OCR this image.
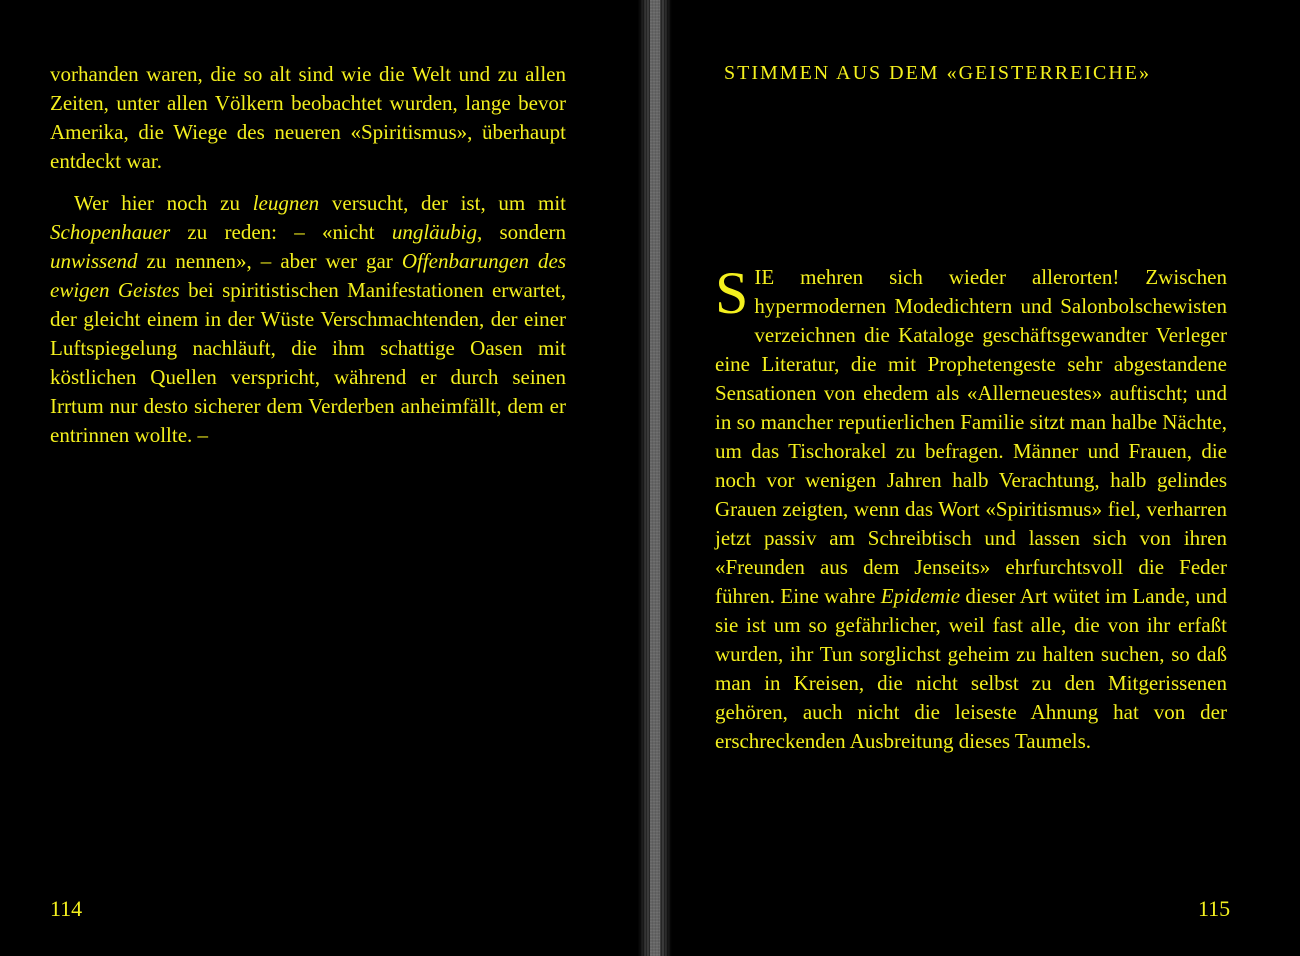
vorhanden waren, die so alt sind wie die Welt und zu allen Zeiten, unter allen Völkern beobachtet wurden, lange bevor Amerika, die Wiege des neueren «Spiritismus», überhaupt entdeckt war.

Wer hier noch zu leugnen versucht, der ist, um mit Schopenhauer zu reden: – «nicht ungläubig, sondern unwissend zu nennen», – aber wer gar Offenbarungen des ewigen Geistes bei spiritistischen Manifestationen erwartet, der gleicht einem in der Wüste Verschmachtenden, der einer Luftspiegelung nachläuft, die ihm schattige Oasen mit köstlichen Quellen verspricht, während er durch seinen Irrtum nur desto sicherer dem Verderben anheimfällt, dem er entrinnen wollte. –

114
STIMMEN AUS DEM «GEISTERREICHE»
S IE mehren sich wieder allerorten! Zwischen hypermodernen Modedichtern und Salonbolschewisten verzeichnen die Kataloge geschäftsgewandter Verleger eine Literatur, die mit Prophetengeste sehr abgestandene Sensationen von ehedem als «Allerneuestes» auftischt; und in so mancher reputierlichen Familie sitzt man halbe Nächte, um das Tischorakel zu befragen. Männer und Frauen, die noch vor wenigen Jahren halb Verachtung, halb gelindes Grauen zeigten, wenn das Wort «Spiritismus» fiel, verharren jetzt passiv am Schreibtisch und lassen sich von ihren «Freunden aus dem Jenseits» ehrfurchtsvoll die Feder führen. Eine wahre Epidemie dieser Art wütet im Lande, und sie ist um so gefährlicher, weil fast alle, die von ihr erfaßt wurden, ihr Tun sorglichst geheim zu halten suchen, so daß man in Kreisen, die nicht selbst zu den Mitgerissenen gehören, auch nicht die leiseste Ahnung hat von der erschreckenden Ausbreitung dieses Taumels.

115
